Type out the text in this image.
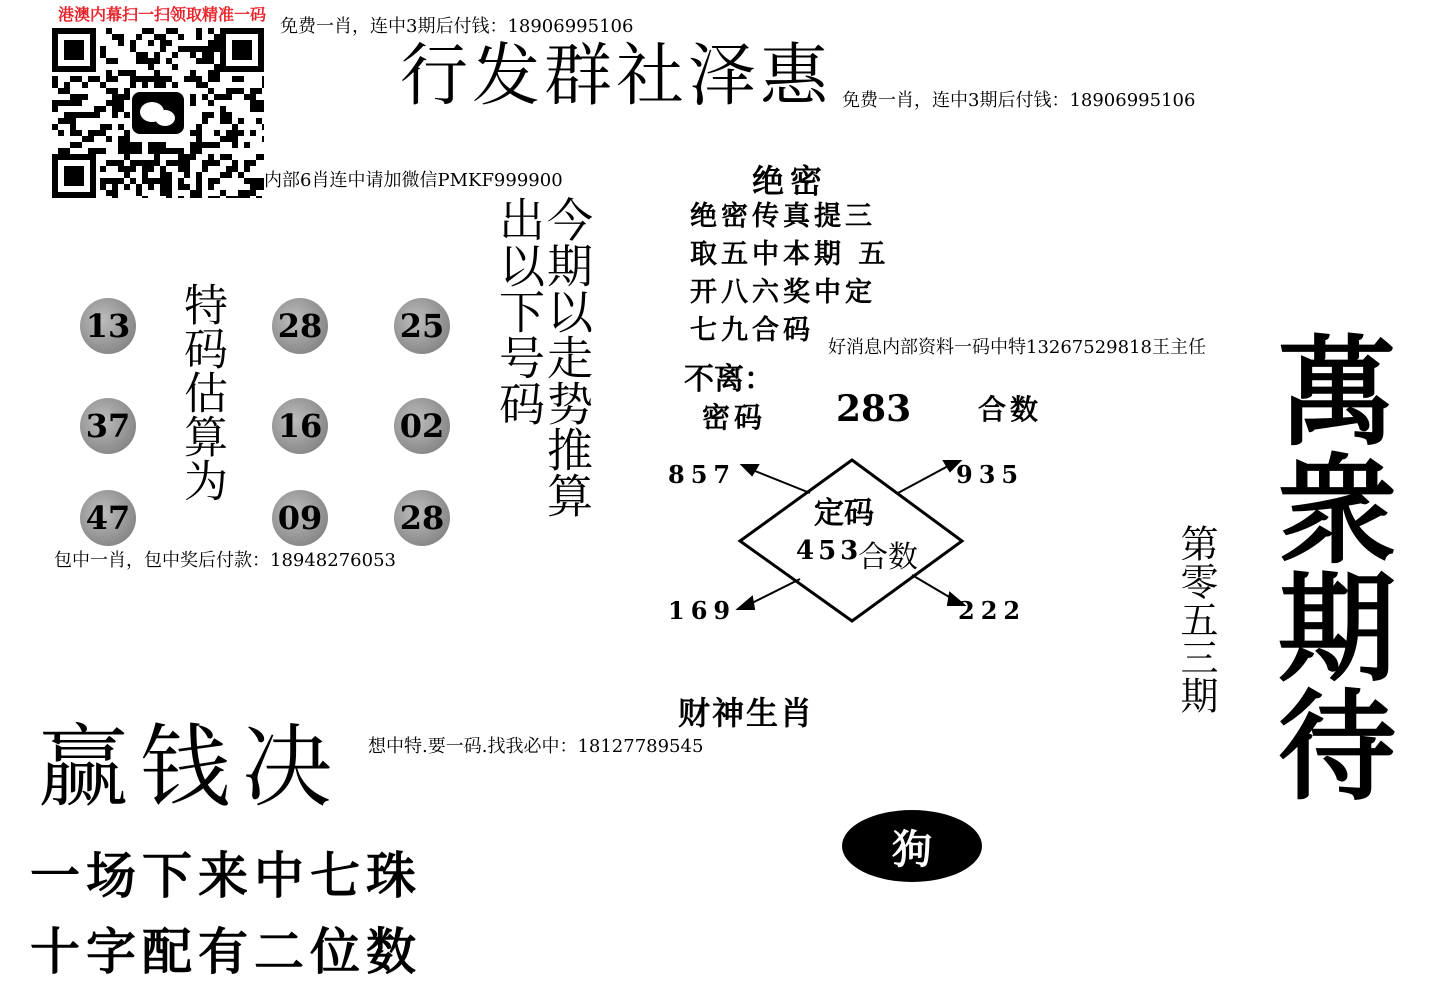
港澳内幕扫一扫领取精准一码
免费一肖，连中3期后付钱：18906995106
免费一肖，连中3期后付钱：18906995106
内部6肖连中请加微信PMKF999900
好消息内部资料一码中特13267529818王主任
包中一肖，包中奖后付款：18948276053
想中特.要一码.找我必中：18127789545
行发群社泽惠
13	28 25
37	16 02
47	09 28
特码估算为	今期以走势推算
出以下号码
绝密
绝密传真提三
取五中本期 五
开八六奖中定
七九合码
不离：
密码 283 合数
定码
453
合数
857	935
169	222
财神生肖
狗
赢钱决
一场下来中七珠
十字配有二位数
第零五三期 萬衆期待
